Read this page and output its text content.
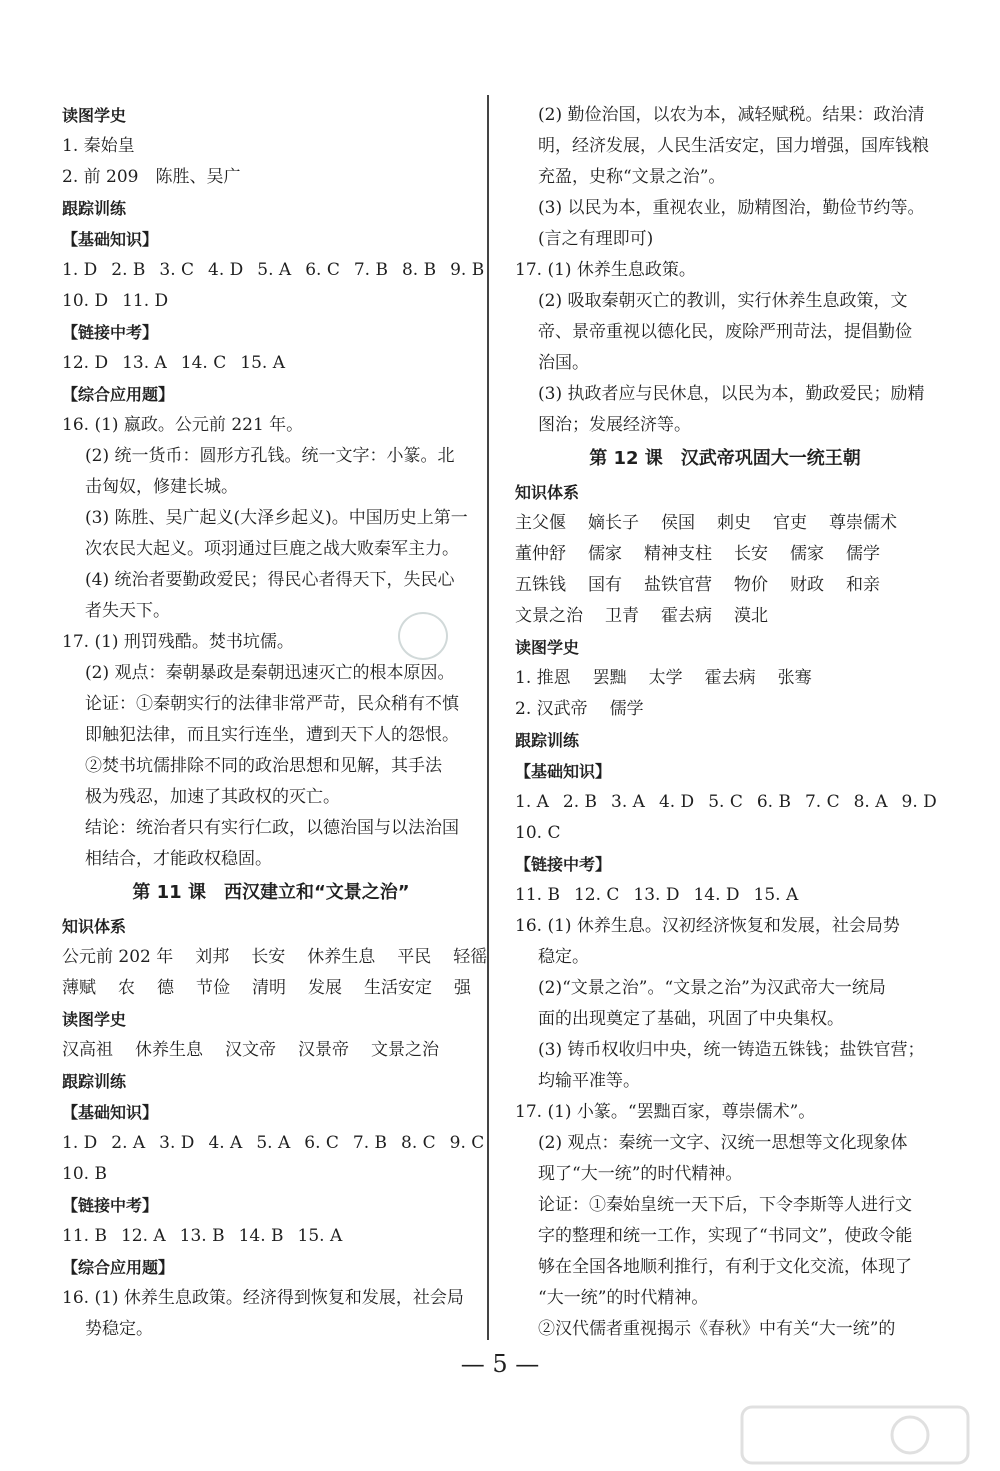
读图学史
1. 秦始皇
2. 前 209　陈胜、吴广
跟踪训练
【基础知识】
1. D 2. B 3. C 4. D 5. A 6. C 7. B 8. B 9. B
10. D 11. D
【链接中考】
12. D 13. A 14. C 15. A
【综合应用题】
16. (1) 嬴政。公元前 221 年。
(2) 统一货币：圆形方孔钱。统一文字：小篆。北
击匈奴，修建长城。
(3) 陈胜、吴广起义(大泽乡起义)。中国历史上第一
次农民大起义。项羽通过巨鹿之战大败秦军主力。
(4) 统治者要勤政爱民；得民心者得天下，失民心
者失天下。
17. (1) 刑罚残酷。焚书坑儒。
(2) 观点：秦朝暴政是秦朝迅速灭亡的根本原因。
论证：①秦朝实行的法律非常严苛，民众稍有不慎
即触犯法律，而且实行连坐，遭到天下人的怨恨。
②焚书坑儒排除不同的政治思想和见解，其手法
极为残忍，加速了其政权的灭亡。
结论：统治者只有实行仁政，以德治国与以法治国
相结合，才能政权稳固。
第 11 课　西汉建立和“文景之治”
知识体系
公元前 202 年 刘邦 长安 休养生息 平民 轻徭
薄赋 农 德 节俭 清明 发展 生活安定 强
读图学史
汉高祖 休养生息 汉文帝 汉景帝 文景之治
跟踪训练
【基础知识】
1. D 2. A 3. D 4. A 5. A 6. C 7. B 8. C 9. C
10. B
【链接中考】
11. B 12. A 13. B 14. B 15. A
【综合应用题】
16. (1) 休养生息政策。经济得到恢复和发展，社会局
势稳定。
(2) 勤俭治国，以农为本，减轻赋税。结果：政治清
明，经济发展，人民生活安定，国力增强，国库钱粮
充盈，史称“文景之治”。
(3) 以民为本，重视农业，励精图治，勤俭节约等。
(言之有理即可)
17. (1) 休养生息政策。
(2) 吸取秦朝灭亡的教训，实行休养生息政策，文
帝、景帝重视以德化民，废除严刑苛法，提倡勤俭
治国。
(3) 执政者应与民休息，以民为本，勤政爱民；励精
图治；发展经济等。
第 12 课　汉武帝巩固大一统王朝
知识体系
主父偃 嫡长子 侯国 刺史 官吏 尊崇儒术
董仲舒 儒家 精神支柱 长安 儒家 儒学
五铢钱 国有 盐铁官营 物价 财政 和亲
文景之治 卫青 霍去病 漠北
读图学史
1. 推恩 罢黜 太学 霍去病 张骞
2. 汉武帝 儒学
跟踪训练
【基础知识】
1. A 2. B 3. A 4. D 5. C 6. B 7. C 8. A 9. D
10. C
【链接中考】
11. B 12. C 13. D 14. D 15. A
16. (1) 休养生息。汉初经济恢复和发展，社会局势
稳定。
(2)“文景之治”。“文景之治”为汉武帝大一统局
面的出现奠定了基础，巩固了中央集权。
(3) 铸币权收归中央，统一铸造五铢钱；盐铁官营；
均输平准等。
17. (1) 小篆。“罢黜百家，尊崇儒术”。
(2) 观点：秦统一文字、汉统一思想等文化现象体
现了“大一统”的时代精神。
论证：①秦始皇统一天下后，下令李斯等人进行文
字的整理和统一工作，实现了“书同文”，使政令能
够在全国各地顺利推行，有利于文化交流，体现了
“大一统”的时代精神。
②汉代儒者重视揭示《春秋》中有关“大一统”的
— 5 —
